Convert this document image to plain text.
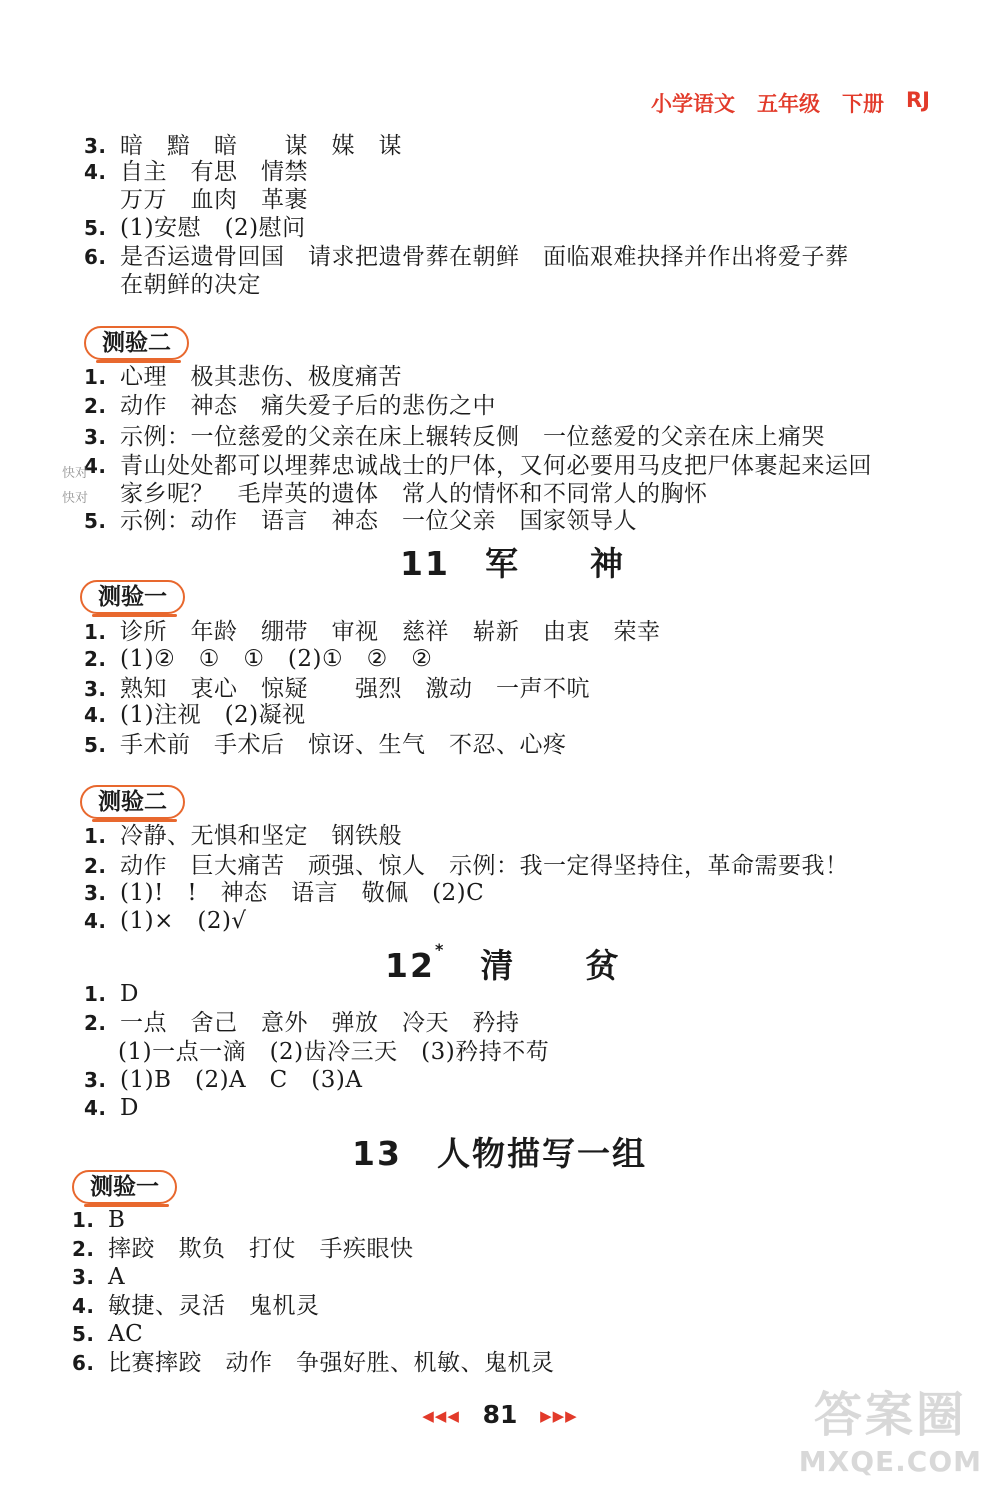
小学语文 五年级 下册 RJ
3. 暗　黯　暗　　谋　媒　谋
4. 自主　有思　情禁
万万　血肉　革裹
5. (1)安慰　(2)慰问
6. 是否运遗骨回国　请求把遗骨葬在朝鲜　面临艰难抉择并作出将爱子葬
在朝鲜的决定
测验二
1. 心理　极其悲伤、极度痛苦
2. 动作　神态　痛失爱子后的悲伤之中
3. 示例：一位慈爱的父亲在床上辗转反侧　一位慈爱的父亲在床上痛哭
4. 青山处处都可以埋葬忠诚战士的尸体，又何必要用马皮把尸体裹起来运回
家乡呢？　毛岸英的遗体　常人的情怀和不同常人的胸怀
5. 示例：动作　语言　神态　一位父亲　国家领导人
11　 军　　神
测验一
1. 诊所　年龄　绷带　审视　慈祥　崭新　由衷　荣幸
2. (1)②　①　①　(2)①　②　②
3. 熟知　衷心　惊疑　　强烈　激动　一声不吭
4. (1)注视　(2)凝视
5. 手术前　手术后　惊讶、生气　不忍、心疼
测验二
1. 冷静、无惧和坚定　钢铁般
2. 动作　巨大痛苦　顽强、惊人　示例：我一定得坚持住，革命需要我！
3. (1)!　!　神态　语言　敬佩　(2)C
4. (1)×　(2)√
12*　 清　　贫
1. D
2. 一点　舍己　意外　弹放　冷天　矜持
(1)一点一滴　(2)齿冷三天　(3)矜持不苟
3. (1)B　(2)A　C　(3)A
4. D
13　 人物描写一组
测验一
1. B
2. 摔跤　欺负　打仗　手疾眼快
3. A
4. 敏捷、灵活　鬼机灵
5. AC
6. 比赛摔跤　动作　争强好胜、机敏、鬼机灵
◀◀◀ 81 ▶▶▶
快对
快对
答案圈
MXQE.COM
